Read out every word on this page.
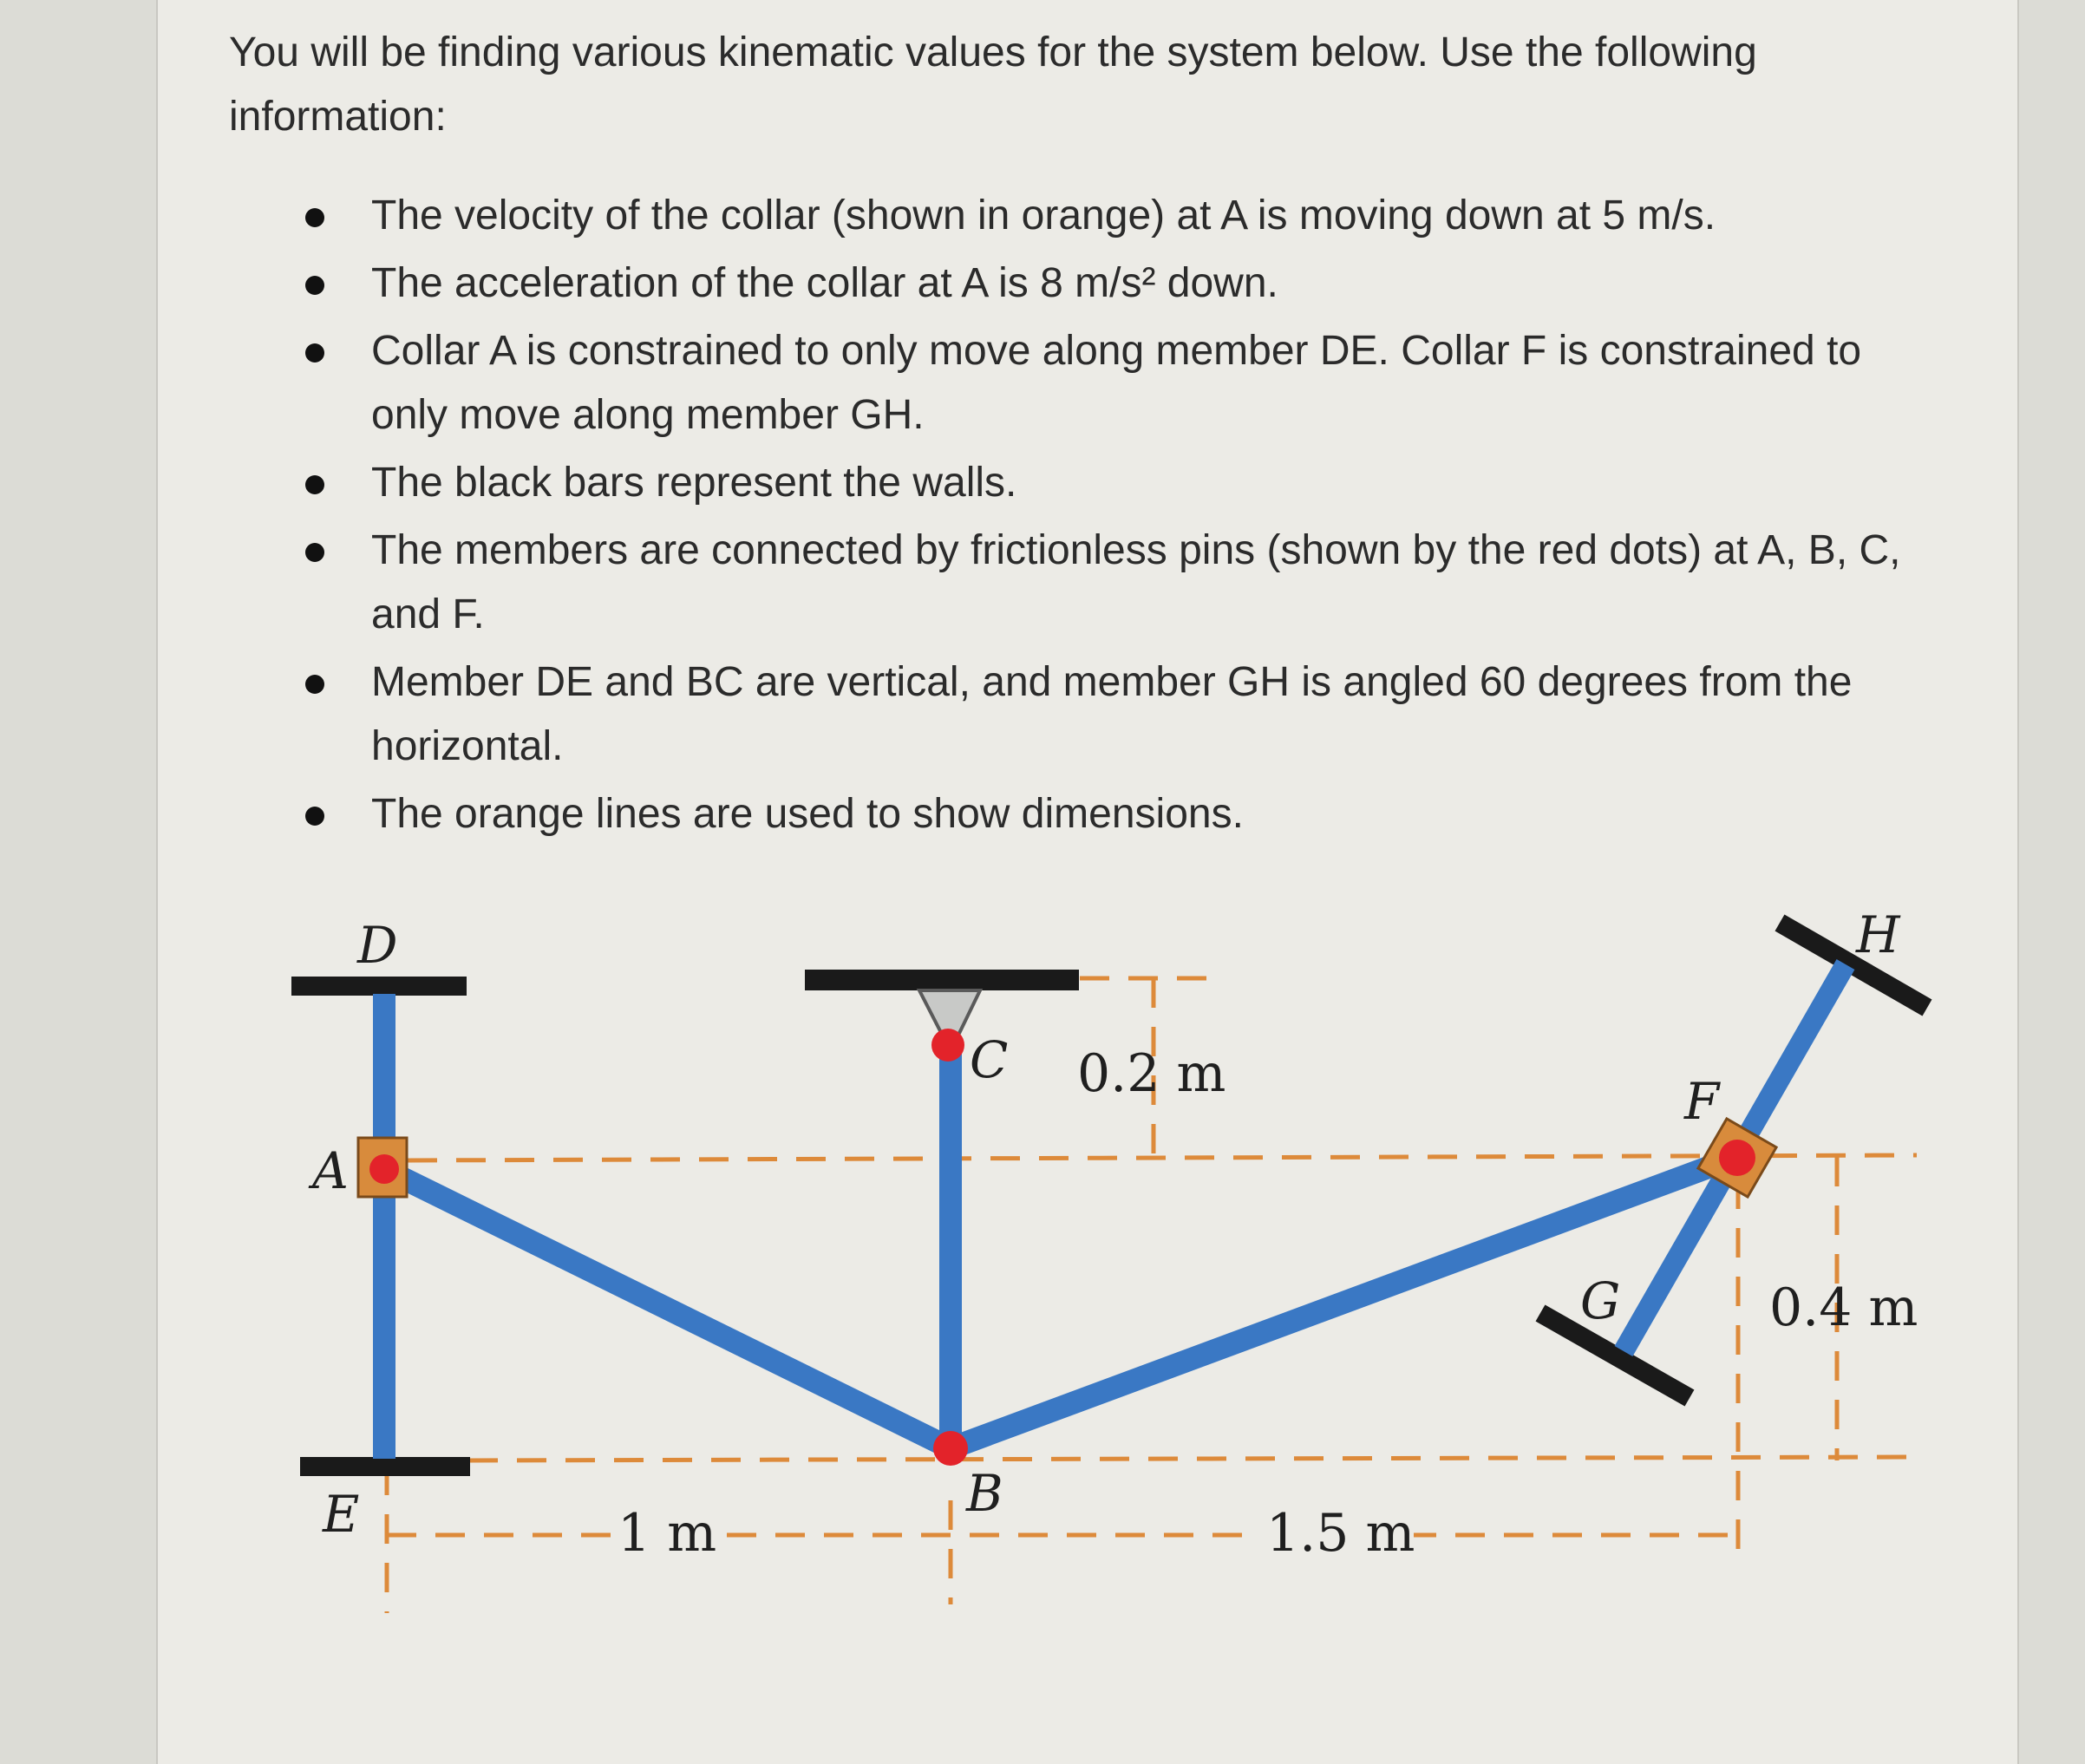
You will be finding various kinematic values for the system below. Use the following information:
The velocity of the collar (shown in orange) at A is moving down at 5 m/s.
The acceleration of the collar at A is 8 m/s² down.
Collar A is constrained to only move along member DE. Collar F is constrained to only move along member GH.
The black bars represent the walls.
The members are connected by frictionless pins (shown by the red dots) at A, B, C, and F.
Member DE and BC are vertical, and member GH is angled 60 degrees from the horizontal.
The orange lines are used to show dimensions.
D
A
E
C
B
F
G
H
0.2 m
0.4 m
1 m	1.5 m
